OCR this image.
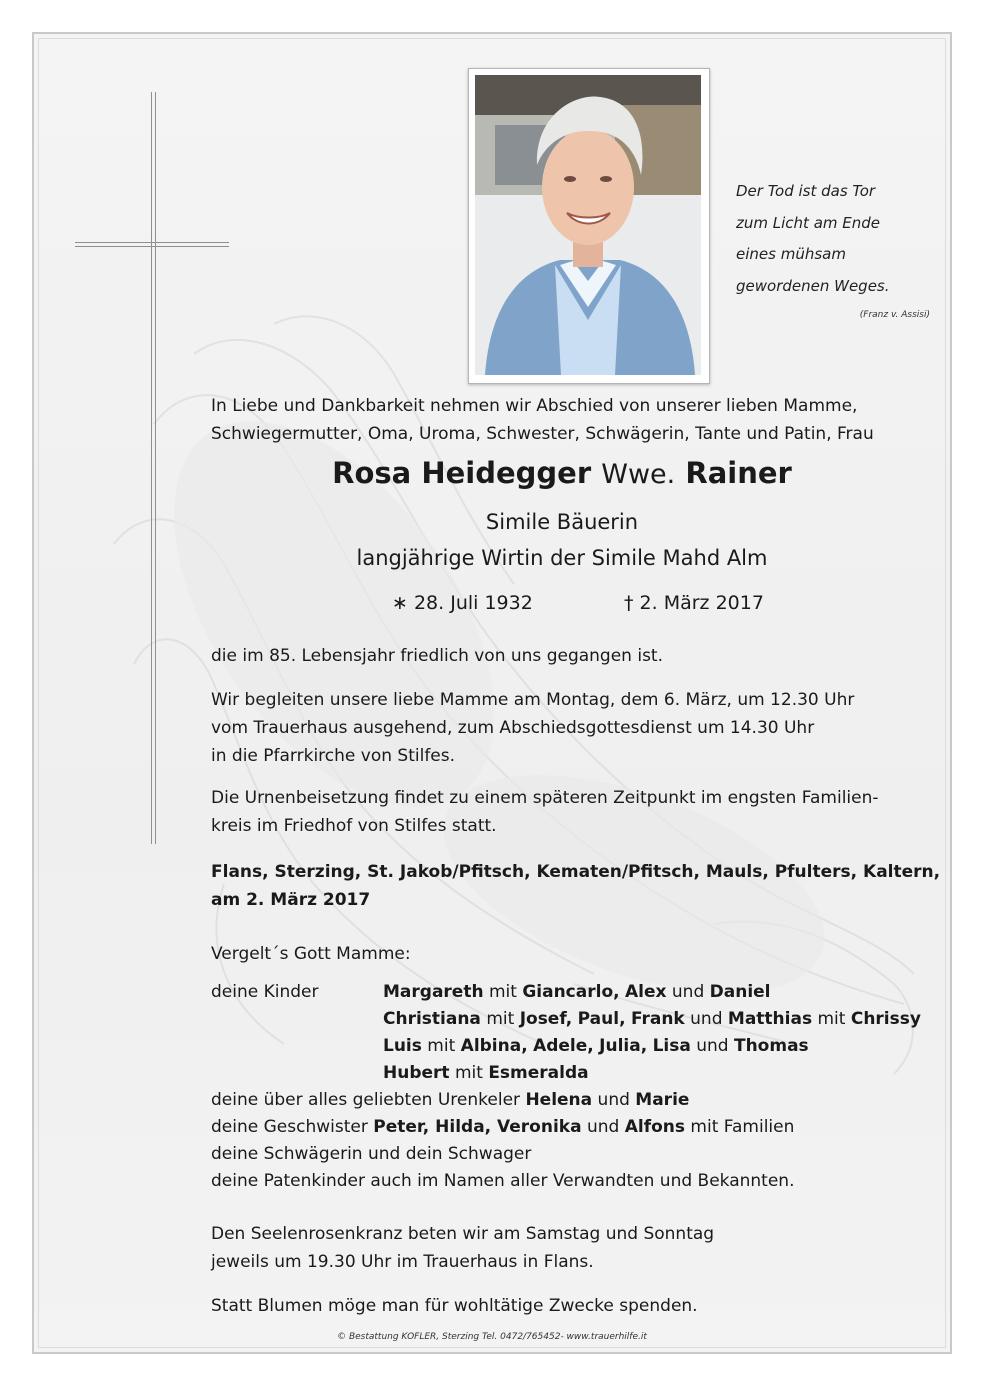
Der Tod ist das Tor
zum Licht am Ende
eines mühsam
gewordenen Weges.
(Franz v. Assisi)
In Liebe und Dankbarkeit nehmen wir Abschied von unserer lieben Mamme,
Schwiegermutter, Oma, Uroma, Schwester, Schwägerin, Tante und Patin, Frau
Rosa Heidegger Wwe. Rainer
Simile Bäuerin
langjährige Wirtin der Simile Mahd Alm
∗ 28. Juli 1932	† 2. März 2017
die im 85. Lebensjahr friedlich von uns gegangen ist.
Wir begleiten unsere liebe Mamme am Montag, dem 6. März, um 12.30 Uhr
vom Trauerhaus ausgehend, zum Abschiedsgottesdienst um 14.30 Uhr
in die Pfarrkirche von Stilfes.
Die Urnenbeisetzung findet zu einem späteren Zeitpunkt im engsten Familien-
kreis im Friedhof von Stilfes statt.
Flans, Sterzing, St. Jakob/Pfitsch, Kematen/Pfitsch, Mauls, Pfulters, Kaltern,
am 2. März 2017
Vergelt´s Gott Mamme:
deine Kinder	Margareth mit Giancarlo, Alex und Daniel
Christiana mit Josef, Paul, Frank und Matthias mit Chrissy
Luis mit Albina, Adele, Julia, Lisa und Thomas
Hubert mit Esmeralda
deine über alles geliebten Urenkeler Helena und Marie
deine Geschwister Peter, Hilda, Veronika und Alfons mit Familien
deine Schwägerin und dein Schwager
deine Patenkinder auch im Namen aller Verwandten und Bekannten.
Den Seelenrosenkranz beten wir am Samstag und Sonntag
jeweils um 19.30 Uhr im Trauerhaus in Flans.
Statt Blumen möge man für wohltätige Zwecke spenden.
© Bestattung KOFLER, Sterzing Tel. 0472/765452- www.trauerhilfe.it
